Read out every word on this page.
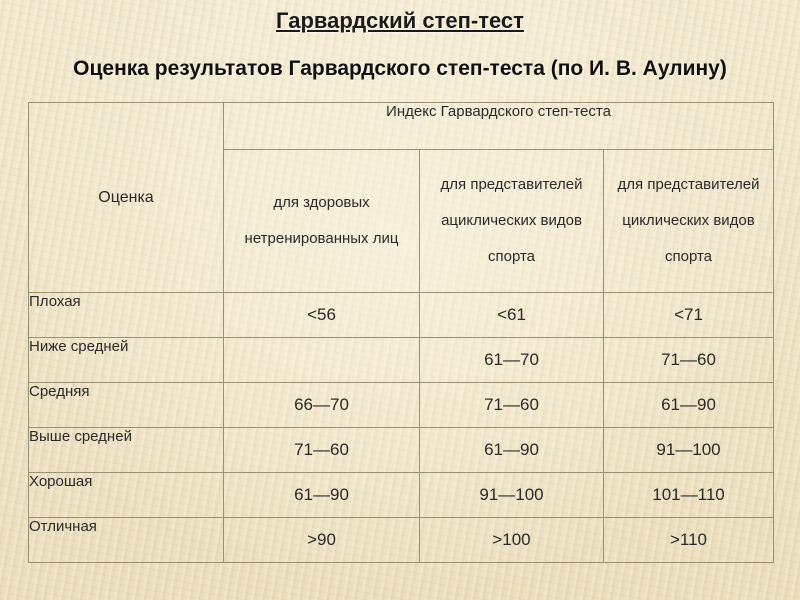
Гарвардский степ-тест
Оценка результатов Гарвардского степ-теста (по И. В. Аулину)
Оценка	Индекс Гарвардского степ-теста		
	для здоровых нетренированных лиц	для представителей ациклических видов спорта	для представителей циклических видов спорта
Плохая	<56	<61	<71
Ниже средней		61—70	71—60
Средняя	66—70	71—60	61—90
Выше средней	71—60	61—90	91—100
Хорошая	61—90	91—100	101—110
Отличная	>90	>100	>110
